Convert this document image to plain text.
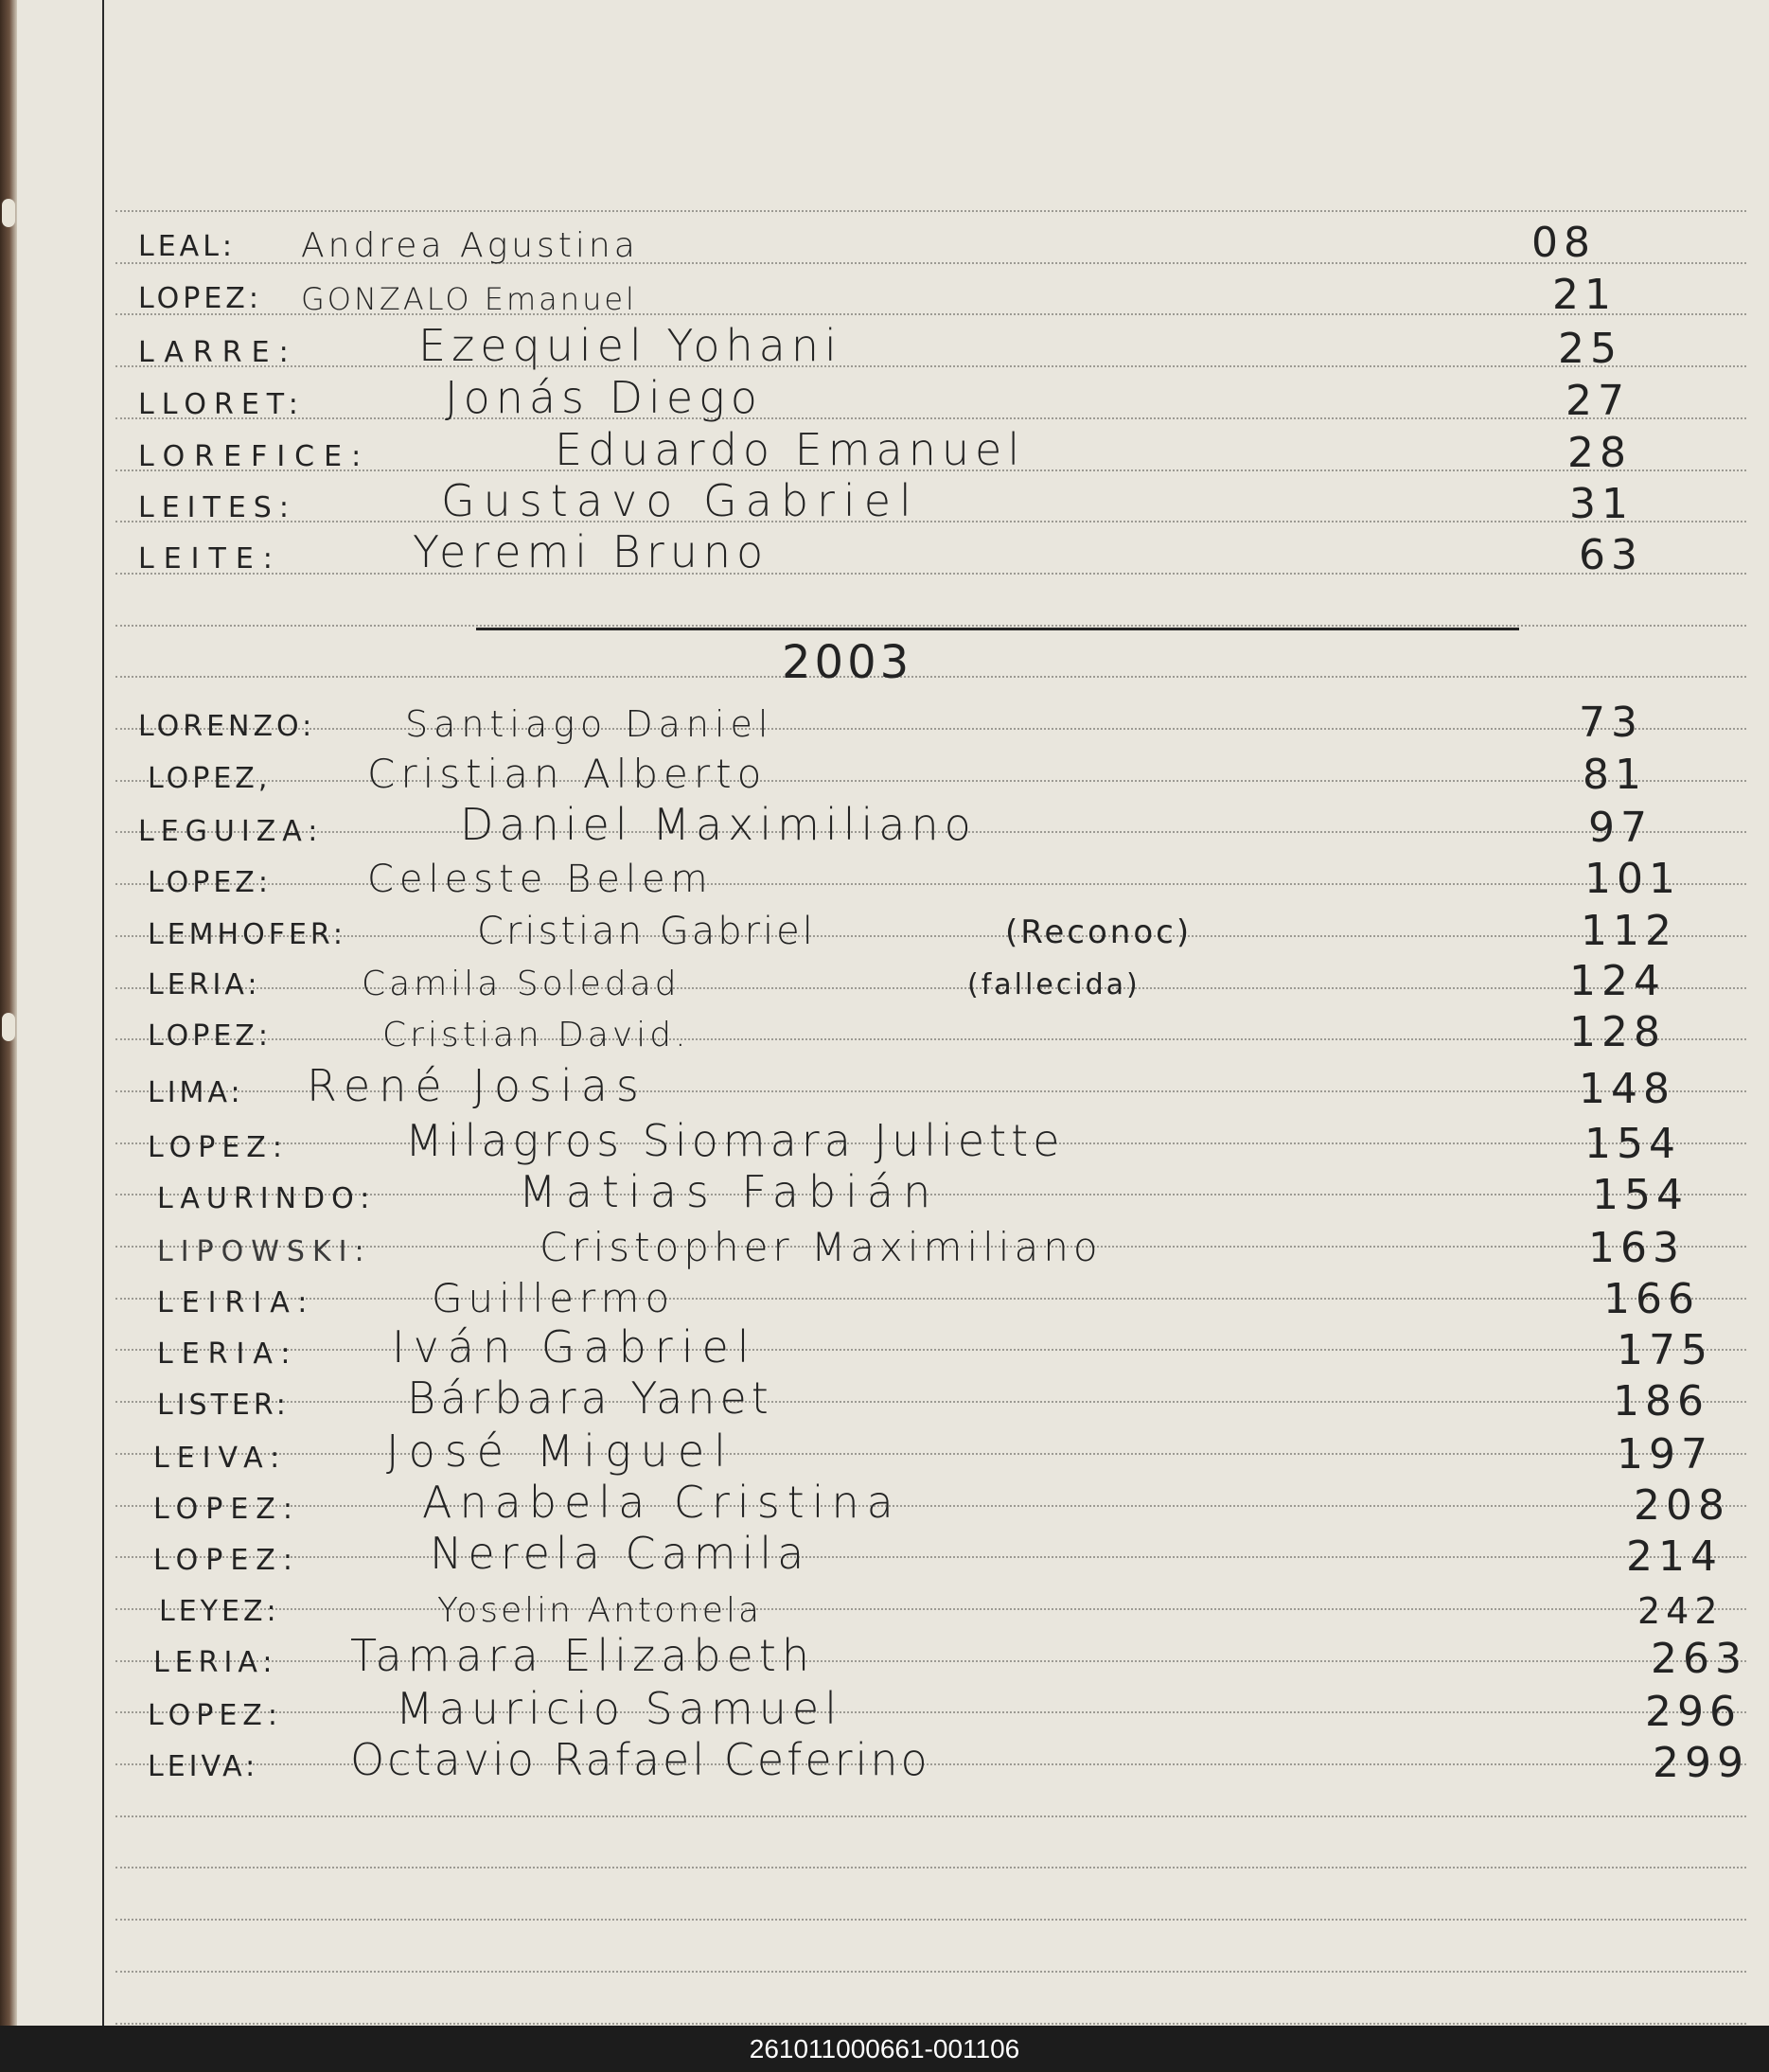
LEAL: Andrea Agustina	08
LOPEZ: GONZALO Emanuel	21
LARRE:	Ezequiel Yohani	25
LLORET:	Jonás Diego	27
LOREFICE:	Eduardo Emanuel	28
LEITES:	Gustavo Gabriel	31
LEITE:	Yeremi Bruno	63
2003
LORENZO: Santiago Daniel	73
LOPEZ, Cristian Alberto	81
LEGUIZA:	Daniel Maximiliano	97
LOPEZ:	Celeste Belem	101
LEMHOFER:	Cristian Gabriel	(Reconoc)	112
LERIA:	Camila Soledad	(fallecida)	124
LOPEZ:	Cristian David.	128
LIMA: René Josias	148
LOPEZ:	Milagros Siomara Juliette	154
LAURINDO:	Matias Fabián	154
LIPOWSKI:	Cristopher Maximiliano	163
LEIRIA:	Guillermo	166
LERIA: Iván Gabriel	175
LISTER:	Bárbara Yanet	186
LEIVA: José Miguel	197
LOPEZ:	Anabela Cristina	208
LOPEZ:	Nerela Camila	214
LEYEZ:	Yoselin Antonela	242
LERIA: Tamara Elizabeth	263
LOPEZ:	Mauricio Samuel	296
LEIVA: Octavio Rafael Ceferino	299
261011000661-001106
